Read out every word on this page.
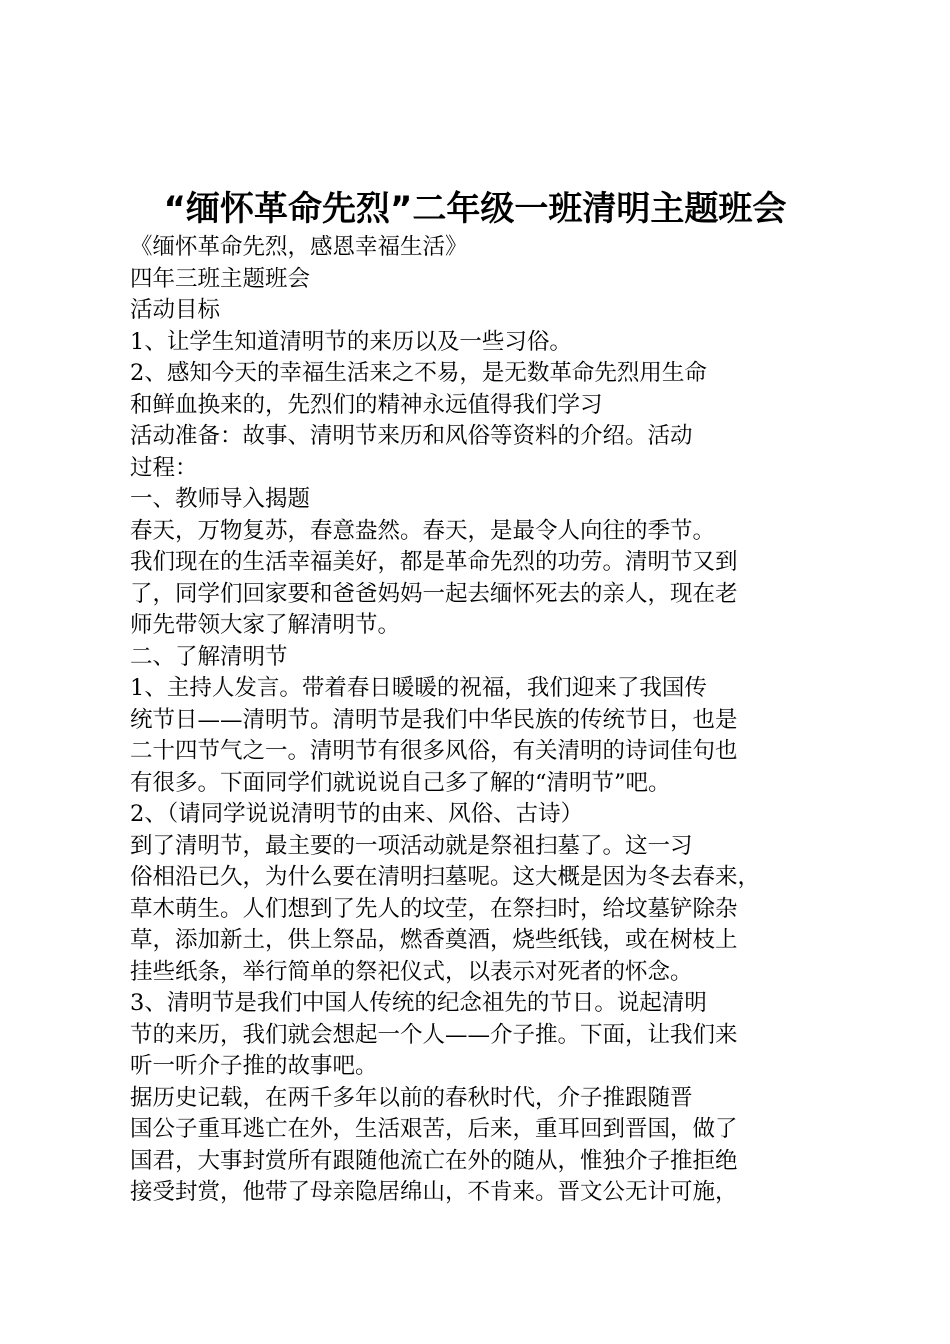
“缅怀革命先烈”二年级一班清明主题班会

《缅怀革命先烈，感恩幸福生活》

四年三班主题班会

活动目标

1、让学生知道清明节的来历以及一些习俗。

2、感知今天的幸福生活来之不易，是无数革命先烈用生命

和鲜血换来的，先烈们的精神永远值得我们学习

活动准备：故事、清明节来历和风俗等资料的介绍。活动

过程：

一、教师导入揭题

春天，万物复苏，春意盎然。春天，是最令人向往的季节。

我们现在的生活幸福美好，都是革命先烈的功劳。清明节又到

了，同学们回家要和爸爸妈妈一起去缅怀死去的亲人，现在老

师先带领大家了解清明节。

二、了解清明节

1、主持人发言。带着春日暖暖的祝福，我们迎来了我国传

统节日——清明节。清明节是我们中华民族的传统节日，也是

二十四节气之一。清明节有很多风俗，有关清明的诗词佳句也

有很多。下面同学们就说说自己多了解的“清明节”吧。

2、（请同学说说清明节的由来、风俗、古诗）

到了清明节，最主要的一项活动就是祭祖扫墓了。这一习

俗相沿已久，为什么要在清明扫墓呢。这大概是因为冬去春来，

草木萌生。人们想到了先人的坟茔，在祭扫时，给坟墓铲除杂

草，添加新土，供上祭品，燃香奠酒，烧些纸钱，或在树枝上

挂些纸条，举行简单的祭祀仪式，以表示对死者的怀念。

3、清明节是我们中国人传统的纪念祖先的节日。说起清明

节的来历，我们就会想起一个人——介子推。下面，让我们来

听一听介子推的故事吧。

据历史记载，在两千多年以前的春秋时代，介子推跟随晋

国公子重耳逃亡在外，生活艰苦，后来，重耳回到晋国，做了

国君，大事封赏所有跟随他流亡在外的随从，惟独介子推拒绝

接受封赏，他带了母亲隐居绵山，不肯来。晋文公无计可施，
